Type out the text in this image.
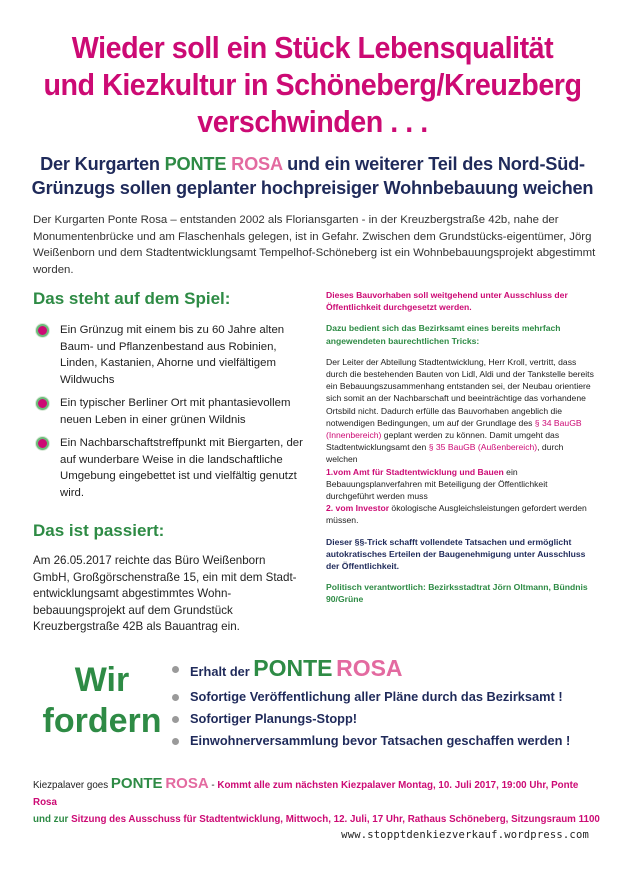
Wieder soll ein Stück Lebensqualität
und Kiezkultur in Schöneberg/Kreuzberg
verschwinden . . .
Der Kurgarten PONTE ROSA und ein weiterer Teil des Nord-Süd-
Grünzugs sollen geplanter hochpreisiger Wohnbebauung weichen
Der Kurgarten Ponte Rosa – entstanden 2002 als Floriansgarten - in der Kreuzbergstraße 42b, nahe der Monumentenbrücke und am Flaschenhals gelegen, ist in Gefahr. Zwischen dem Grundstücks-eigentümer, Jörg Weißenborn und dem Stadtentwicklungsamt Tempelhof-Schöneberg ist ein Wohnbebauungsprojekt abgestimmt worden.
Das steht auf dem Spiel:
Ein Grünzug mit einem bis zu 60 Jahre alten Baum- und Pflanzenbestand aus Robinien, Linden, Kastanien, Ahorne und vielfältigem Wildwuchs
Ein typischer Berliner Ort mit phantasievollem neuen Leben in einer grünen Wildnis
Ein Nachbarschaftstreffpunkt mit Biergarten, der auf wunderbare Weise in die landschaftliche Umgebung eingebettet ist und vielfältig genutzt wird.
Das ist passiert:
Am 26.05.2017 reichte das Büro Weißenborn GmbH, Großgörschenstraße 15, ein mit dem Stadt-entwicklungsamt abgestimmtes Wohn-bebauungsprojekt auf dem Grundstück Kreuzbergstraße 42B als Bauantrag ein.

Dieses Bauvorhaben soll weitgehend unter Ausschluss der Öffentlichkeit durchgesetzt werden.

Dazu bedient sich das Bezirksamt eines bereits mehrfach angewendeten baurechtlichen Tricks:

Der Leiter der Abteilung Stadtentwicklung, Herr Kroll, vertritt, dass durch die bestehenden Bauten von Lidl, Aldi und der Tankstelle bereits ein Bebauungszusammenhang entstanden sei, der Neubau orientiere sich somit an der Nachbarschaft und beeinträchtige das vorhandene Ortsbild nicht. Dadurch erfülle das Bauvorhaben angeblich die notwendigen Bedingungen, um auf der Grundlage des § 34 BauGB (Innenbereich) geplant werden zu können. Damit umgeht das Stadtentwicklungsamt den § 35 BauGB (Außenbereich), durch welchen
1.vom Amt für Stadtentwicklung und Bauen ein Bebauungsplanverfahren mit Beteiligung der Öffentlichkeit durchgeführt werden muss
2. vom Investor ökologische Ausgleichsleistungen gefordert werden müssen.

Dieser §§-Trick schafft vollendete Tatsachen und ermöglicht autokratisches Erteilen der Baugenehmigung unter Ausschluss der Öffentlichkeit.

Politisch verantwortlich: Bezirksstadtrat Jörn Oltmann, Bündnis 90/Grüne

Wir
fordern
Erhalt der PONTE ROSA
Sofortige Veröffentlichung aller Pläne durch das Bezirksamt !
Sofortiger Planungs-Stopp!
Einwohnerversammlung bevor Tatsachen geschaffen werden !
Kiezpalaver goes PONTE ROSA - Kommt alle zum nächsten Kiezpalaver Montag, 10. Juli 2017, 19:00 Uhr, Ponte Rosa
und zur Sitzung des Ausschuss für Stadtentwicklung, Mittwoch, 12. Juli, 17 Uhr, Rathaus Schöneberg, Sitzungsraum 1100
www.stopptdenkiezverkauf.wordpress.com
